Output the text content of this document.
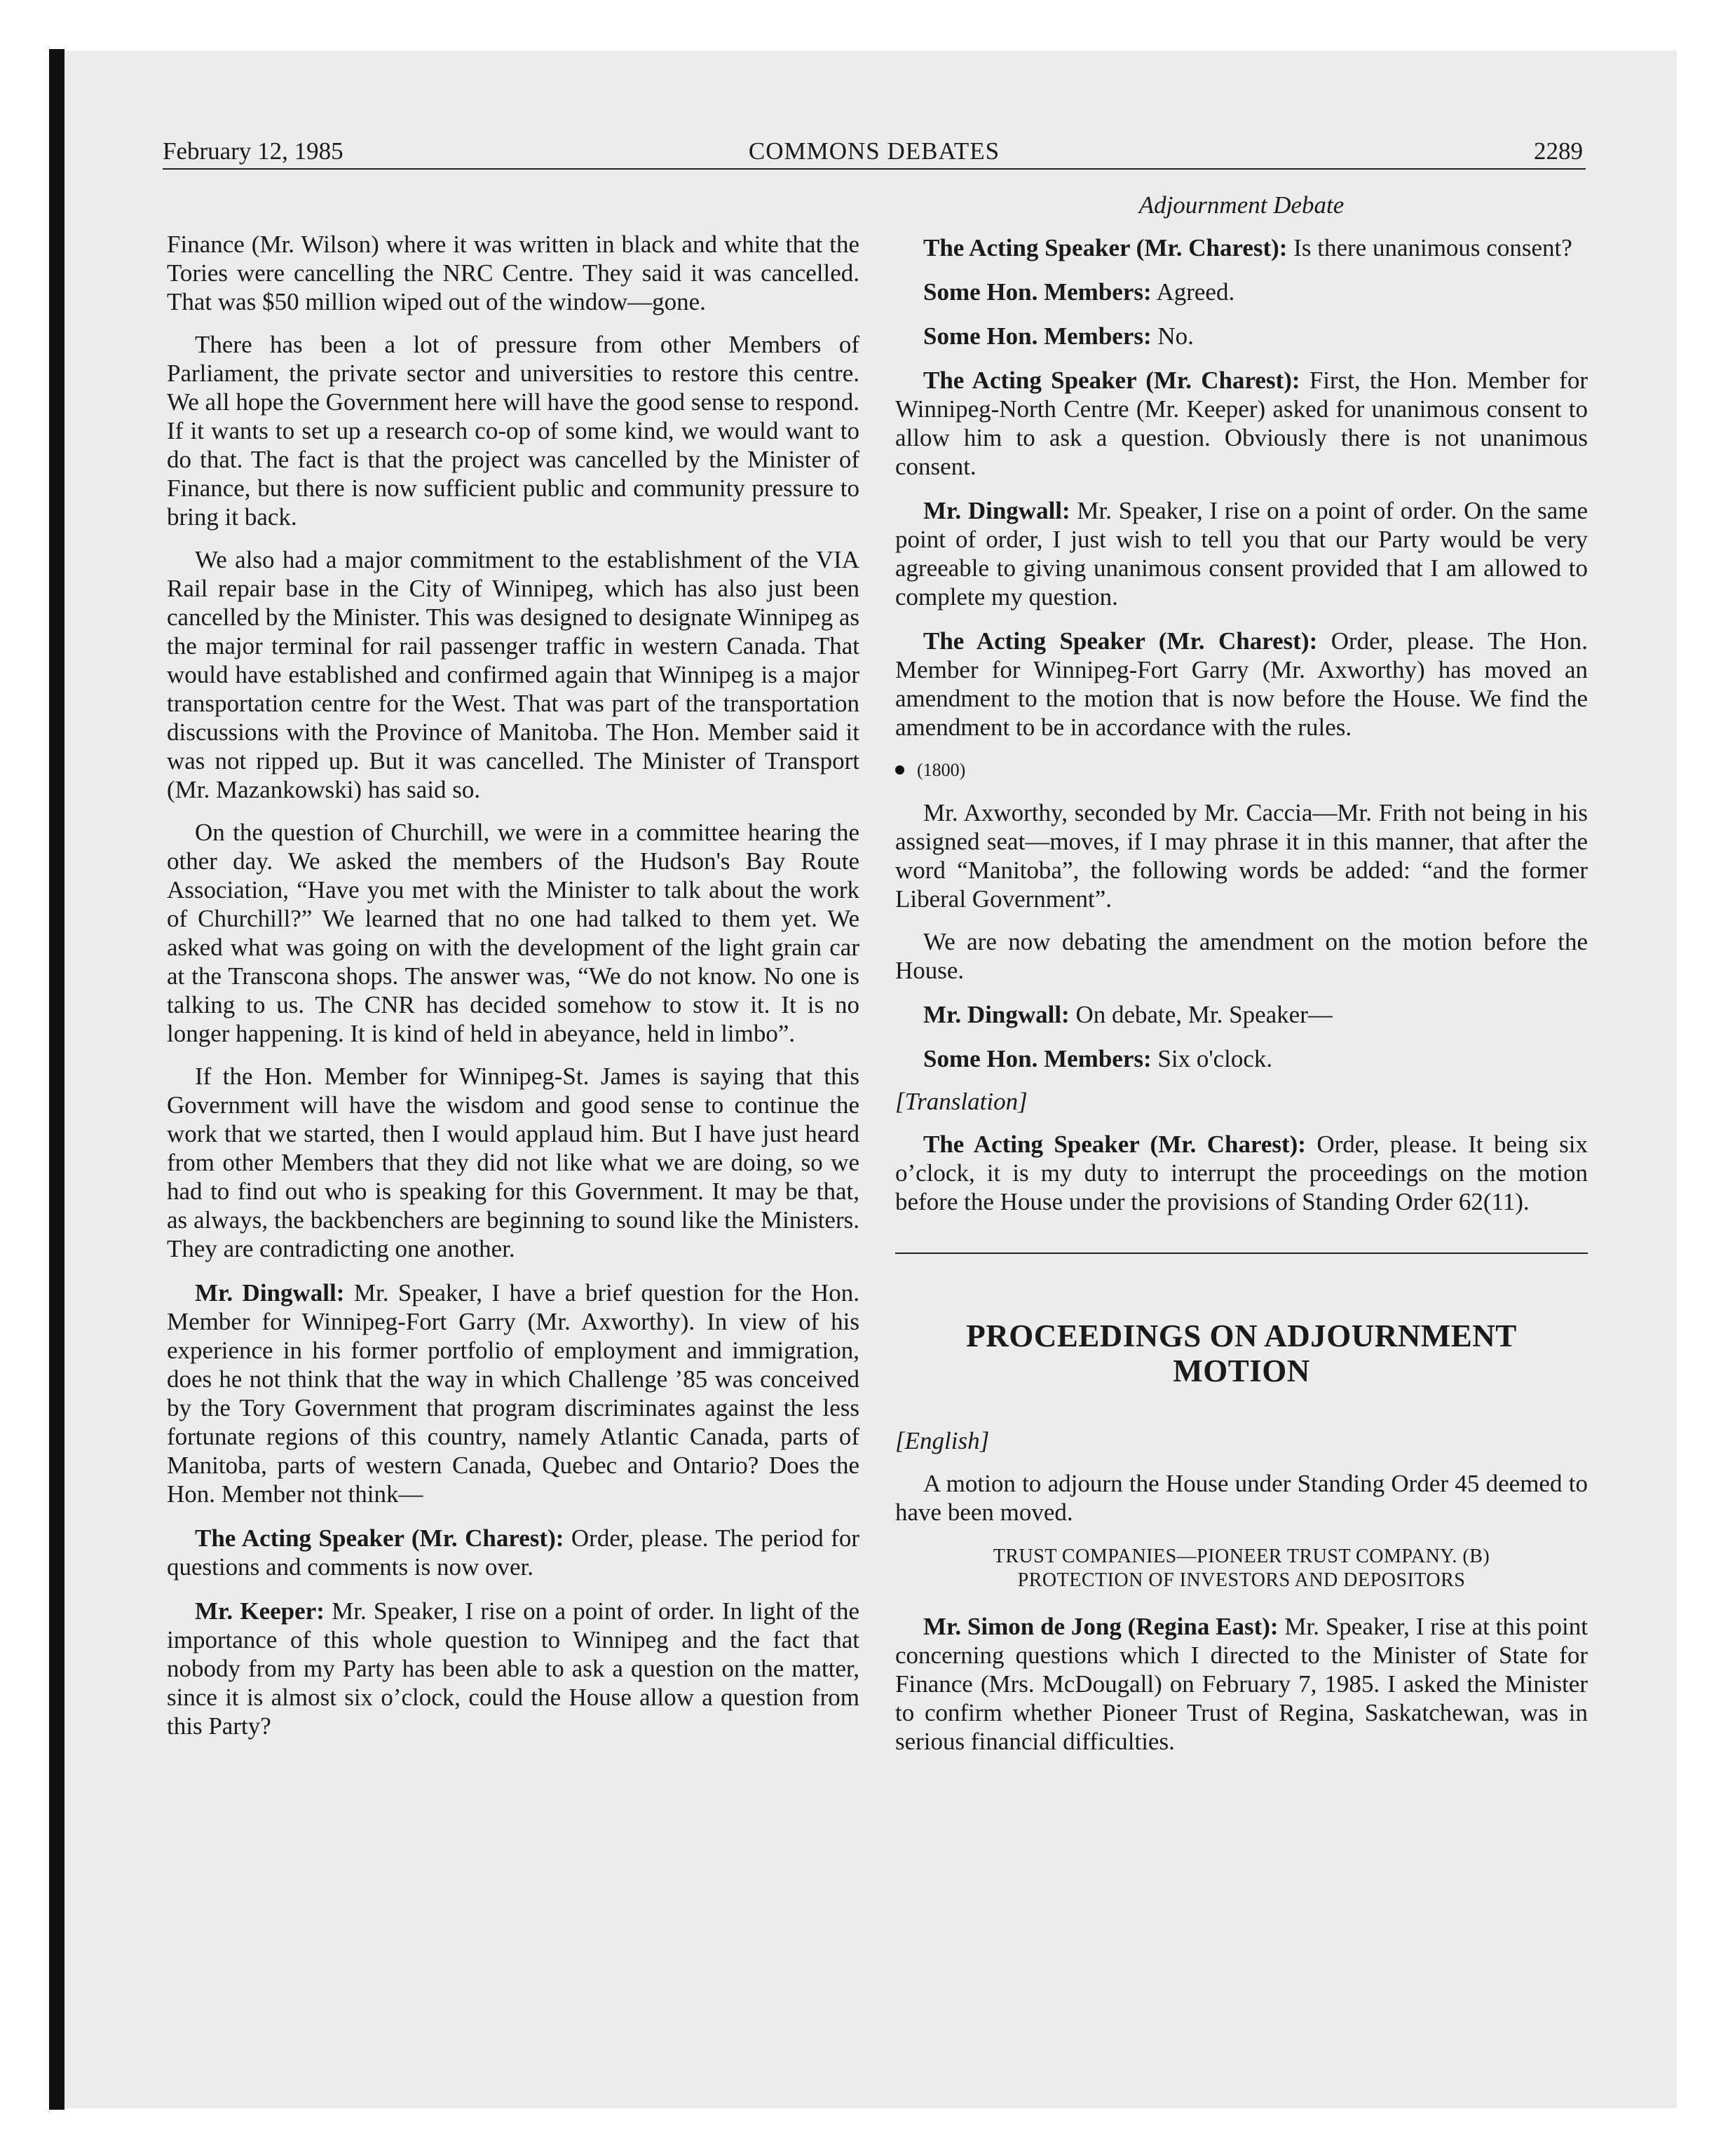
February 12, 1985	COMMONS DEBATES	2289

Finance (Mr. Wilson) where it was written in black and white that the Tories were cancelling the NRC Centre. They said it was cancelled. That was $50 million wiped out of the window—gone.

There has been a lot of pressure from other Members of Parliament, the private sector and universities to restore this centre. We all hope the Government here will have the good sense to respond. If it wants to set up a research co-op of some kind, we would want to do that. The fact is that the project was cancelled by the Minister of Finance, but there is now sufficient public and community pressure to bring it back.

We also had a major commitment to the establishment of the VIA Rail repair base in the City of Winnipeg, which has also just been cancelled by the Minister. This was designed to designate Winnipeg as the major terminal for rail passenger traffic in western Canada. That would have established and confirmed again that Winnipeg is a major transportation centre for the West. That was part of the transportation discussions with the Province of Manitoba. The Hon. Member said it was not ripped up. But it was cancelled. The Minister of Transport (Mr. Mazankowski) has said so.

On the question of Churchill, we were in a committee hearing the other day. We asked the members of the Hudson's Bay Route Association, “Have you met with the Minister to talk about the work of Churchill?” We learned that no one had talked to them yet. We asked what was going on with the development of the light grain car at the Transcona shops. The answer was, “We do not know. No one is talking to us. The CNR has decided somehow to stow it. It is no longer happening. It is kind of held in abeyance, held in limbo”.

If the Hon. Member for Winnipeg-St. James is saying that this Government will have the wisdom and good sense to continue the work that we started, then I would applaud him. But I have just heard from other Members that they did not like what we are doing, so we had to find out who is speaking for this Government. It may be that, as always, the backbenchers are beginning to sound like the Ministers. They are contradicting one another.

Mr. Dingwall: Mr. Speaker, I have a brief question for the Hon. Member for Winnipeg-Fort Garry (Mr. Axworthy). In view of his experience in his former portfolio of employment and immigration, does he not think that the way in which Challenge ’85 was conceived by the Tory Government that program discriminates against the less fortunate regions of this country, namely Atlantic Canada, parts of Manitoba, parts of western Canada, Quebec and Ontario? Does the Hon. Member not think—

The Acting Speaker (Mr. Charest): Order, please. The period for questions and comments is now over.

Mr. Keeper: Mr. Speaker, I rise on a point of order. In light of the importance of this whole question to Winnipeg and the fact that nobody from my Party has been able to ask a question on the matter, since it is almost six o’clock, could the House allow a question from this Party?

Adjournment Debate

The Acting Speaker (Mr. Charest): Is there unanimous consent?

Some Hon. Members: Agreed.

Some Hon. Members: No.

The Acting Speaker (Mr. Charest): First, the Hon. Member for Winnipeg-North Centre (Mr. Keeper) asked for unanimous consent to allow him to ask a question. Obviously there is not unanimous consent.

Mr. Dingwall: Mr. Speaker, I rise on a point of order. On the same point of order, I just wish to tell you that our Party would be very agreeable to giving unanimous consent provided that I am allowed to complete my question.

The Acting Speaker (Mr. Charest): Order, please. The Hon. Member for Winnipeg-Fort Garry (Mr. Axworthy) has moved an amendment to the motion that is now before the House. We find the amendment to be in accordance with the rules.

(1800)

Mr. Axworthy, seconded by Mr. Caccia—Mr. Frith not being in his assigned seat—moves, if I may phrase it in this manner, that after the word “Manitoba”, the following words be added: “and the former Liberal Government”.

We are now debating the amendment on the motion before the House.

Mr. Dingwall: On debate, Mr. Speaker—

Some Hon. Members: Six o'clock.

[Translation]

The Acting Speaker (Mr. Charest): Order, please. It being six o’clock, it is my duty to interrupt the proceedings on the motion before the House under the provisions of Standing Order 62(11).

PROCEEDINGS ON ADJOURNMENT MOTION

[English]

A motion to adjourn the House under Standing Order 45 deemed to have been moved.

TRUST COMPANIES—PIONEER TRUST COMPANY. (B)
PROTECTION OF INVESTORS AND DEPOSITORS

Mr. Simon de Jong (Regina East): Mr. Speaker, I rise at this point concerning questions which I directed to the Minister of State for Finance (Mrs. McDougall) on February 7, 1985. I asked the Minister to confirm whether Pioneer Trust of Regina, Saskatchewan, was in serious financial difficulties.
